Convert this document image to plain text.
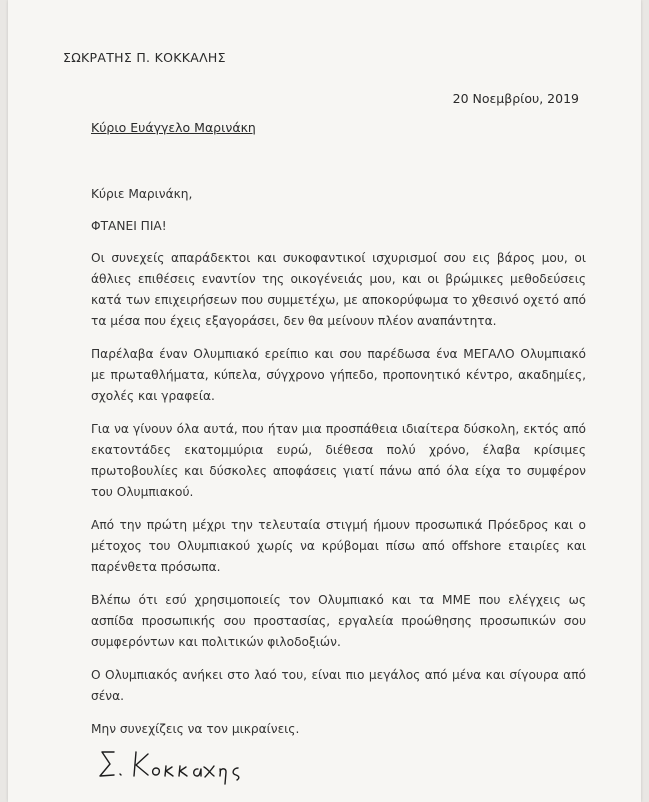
ΣΩΚΡΑΤΗΣ Π. ΚΟΚΚΑΛΗΣ
20 Νοεμβρίου, 2019
Κύριο Ευάγγελο Μαρινάκη

Κύριε Μαρινάκη,

ΦΤΑΝΕΙ ΠΙΑ!

Οι συνεχείς απαράδεκτοι και συκοφαντικοί ισχυρισμοί σου εις βάρος μου, οι άθλιες επιθέσεις εναντίον της οικογένειάς μου, και οι βρώμικες μεθοδεύσεις κατά των επιχειρήσεων που συμμετέχω, με αποκορύφωμα το χθεσινό οχετό από τα μέσα που έχεις εξαγοράσει, δεν θα μείνουν πλέον αναπάντητα.

Παρέλαβα έναν Ολυμπιακό ερείπιο και σου παρέδωσα ένα ΜΕΓΑΛΟ Ολυμπιακό με πρωταθλήματα, κύπελα, σύγχρονο γήπεδο, προπονητικό κέντρο, ακαδημίες, σχολές και γραφεία.

Για να γίνουν όλα αυτά, που ήταν μια προσπάθεια ιδιαίτερα δύσκολη, εκτός από εκατοντάδες εκατομμύρια ευρώ, διέθεσα πολύ χρόνο, έλαβα κρίσιμες πρωτοβουλίες και δύσκολες αποφάσεις γιατί πάνω από όλα είχα το συμφέρον του Ολυμπιακού.

Από την πρώτη μέχρι την τελευταία στιγμή ήμουν προσωπικά Πρόεδρος και ο μέτοχος του Ολυμπιακού χωρίς να κρύβομαι πίσω από offshore εταιρίες και παρένθετα πρόσωπα.

Βλέπω ότι εσύ χρησιμοποιείς τον Ολυμπιακό και τα ΜΜΕ που ελέγχεις ως ασπίδα προσωπικής σου προστασίας, εργαλεία προώθησης προσωπικών σου συμφερόντων και πολιτικών φιλοδοξιών.

Ο Ολυμπιακός ανήκει στο λαό του, είναι πιο μεγάλος από μένα και σίγουρα από σένα.

Μην συνεχίζεις να τον μικραίνεις.
